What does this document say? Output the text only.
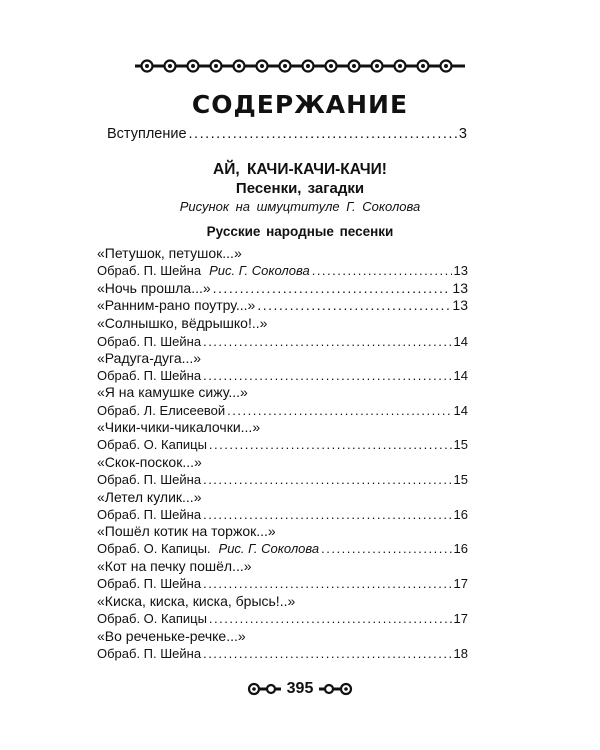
СОДЕРЖАНИЕ
Вступление .....	3
АЙ, КАЧИ-КАЧИ-КАЧИ!
Песенки, загадки
Рисунок на шмуцтитуле Г. Соколова
Русские народные песенки
«Петушок, петушок...»
Обраб. П. Шейна Рис. Г. Соколова .....	13
«Ночь прошла...» .....	13
«Ранним-рано поутру...» .....	13
«Солнышко, вёдрышко!..»
Обраб. П. Шейна .....	14
«Радуга-дуга...»
Обраб. П. Шейна .....	14
«Я на камушке сижу...»
Обраб. Л. Елисеевой .....	14
«Чики-чики-чикалочки...»
Обраб. О. Капицы .....	15
«Скок-поскок...»
Обраб. П. Шейна .....	15
«Летел кулик...»
Обраб. П. Шейна .....	16
«Пошёл котик на торжок...»
Обраб. О. Капицы. Рис. Г. Соколова .....	16
«Кот на печку пошёл...»
Обраб. П. Шейна .....	17
«Киска, киска, киска, брысь!..»
Обраб. О. Капицы .....	17
«Во реченьке-речке...»
Обраб. П. Шейна .....	18
395
